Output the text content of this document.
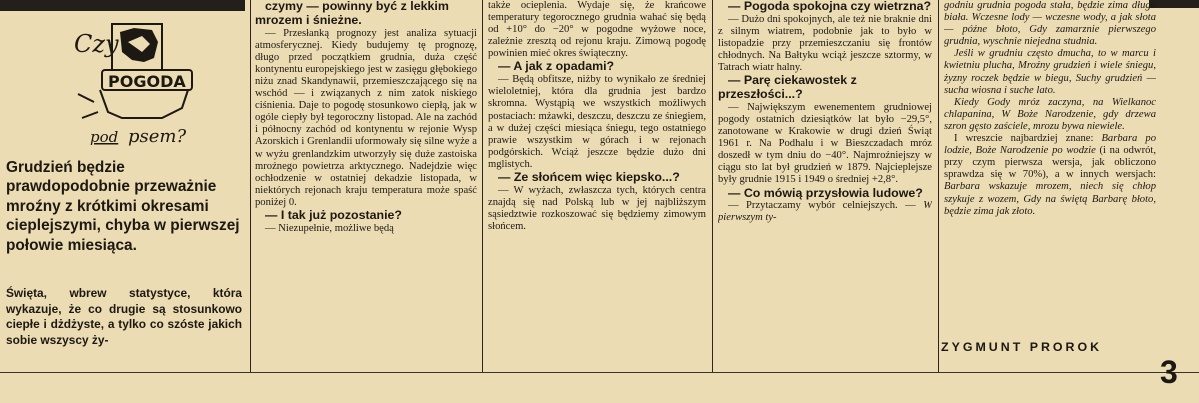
Czy
POGODA
pod psem?
Grudzień będzie prawdopodobnie przeważnie mroźny z krótkimi okresami cieplejszymi, chyba w pierwszej połowie miesiąca.
Święta, wbrew statystyce, która wykazuje, że co drugie są stosunkowo ciepłe i dżdżyste, a tylko co szóste jakich sobie wszyscy ży-

czymy — powinny być z lekkim mrozem i śnieżne.

— Przesłanką prognozy jest analiza sytuacji atmosferycznej. Kiedy budujemy tę prognozę, długo przed początkiem grudnia, duża część kontynentu europejskiego jest w zasięgu głębokiego niżu znad Skandynawii, przemieszczającego się na wschód — i związanych z nim zatok niskiego ciśnienia. Daje to pogodę stosunkowo ciepłą, jak w ogóle ciepły był tegoroczny listopad. Ale na zachód i północny zachód od kontynentu w rejonie Wysp Azorskich i Grenlandii uformowały się silne wyże a w wyżu grenlandzkim utworzyły się duże zastoiska mroźnego powietrza arktycznego. Nadejdzie więc ochłodzenie w ostatniej dekadzie listopada, w niektórych rejonach kraju temperatura może spaść poniżej 0.

— I tak już pozostanie?

— Niezupełnie, możliwe będą

także ocieplenia. Wydaje się, że krańcowe temperatury tegorocznego grudnia wahać się będą od +10° do −20° w pogodne wyżowe noce, zależnie zresztą od rejonu kraju. Zimową pogodę powinien mieć okres świąteczny.

— A jak z opadami?

— Będą obfitsze, niżby to wynikało ze średniej wieloletniej, która dla grudnia jest bardzo skromna. Wystąpią we wszystkich możliwych postaciach: mżawki, deszczu, deszczu ze śniegiem, a w dużej części miesiąca śniegu, tego ostatniego prawie wszystkim w górach i w rejonach podgórskich. Wciąż jeszcze będzie dużo dni mglistych.

— Ze słońcem więc kiepsko...?

— W wyżach, zwłaszcza tych, których centra znajdą się nad Polską lub w jej najbliższym sąsiedztwie rozkoszować się będziemy zimowym słońcem.

— Pogoda spokojna czy wietrzna?

— Dużo dni spokojnych, ale też nie braknie dni z silnym wiatrem, podobnie jak to było w listopadzie przy przemieszczaniu się frontów chłodnych. Na Bałtyku wciąż jeszcze sztormy, w Tatrach wiatr halny.

— Parę ciekawostek z przeszłości...?

— Największym ewenementem grudniowej pogody ostatnich dziesiątków lat było −29,5°, zanotowane w Krakowie w drugi dzień Świąt 1961 r. Na Podhalu i w Bieszczadach mróz doszedł w tym dniu do −40°. Najmroźniejszy w ciągu sto lat był grudzień w 1879. Najcieplejsze były grudnie 1915 i 1949 o średniej +2,8°.

— Co mówią przysłowia ludowe?

— Przytaczamy wybór celniejszych. — W pierwszym ty-

godniu grudnia pogoda stała, będzie zima długo biała. Wczesne lody — wczesne wody, a jak słota — późne błoto, Gdy zamarznie pierwszego grudnia, wyschnie niejedna studnia.

Jeśli w grudniu często dmucha, to w marcu i kwietniu plucha, Mroźny grudzień i wiele śniegu, żyzny roczek będzie w biegu, Suchy grudzień — sucha wiosna i suche lato.

Kiedy Gody mróz zaczyna, na Wielkanoc chlapanina, W Boże Narodzenie, gdy drzewa szron gęsto zaściele, mrozu bywa niewiele.

I wreszcie najbardziej znane: Barbara po lodzie, Boże Narodzenie po wodzie (i na odwrót, przy czym pierwsza wersja, jak obliczono sprawdza się w 70%), a w innych wersjach: Barbara wskazuje mrozem, niech się chłop szykuje z wozem, Gdy na świętą Barbarę błoto, będzie zima jak złoto.

ZYGMUNT PROROK
3
